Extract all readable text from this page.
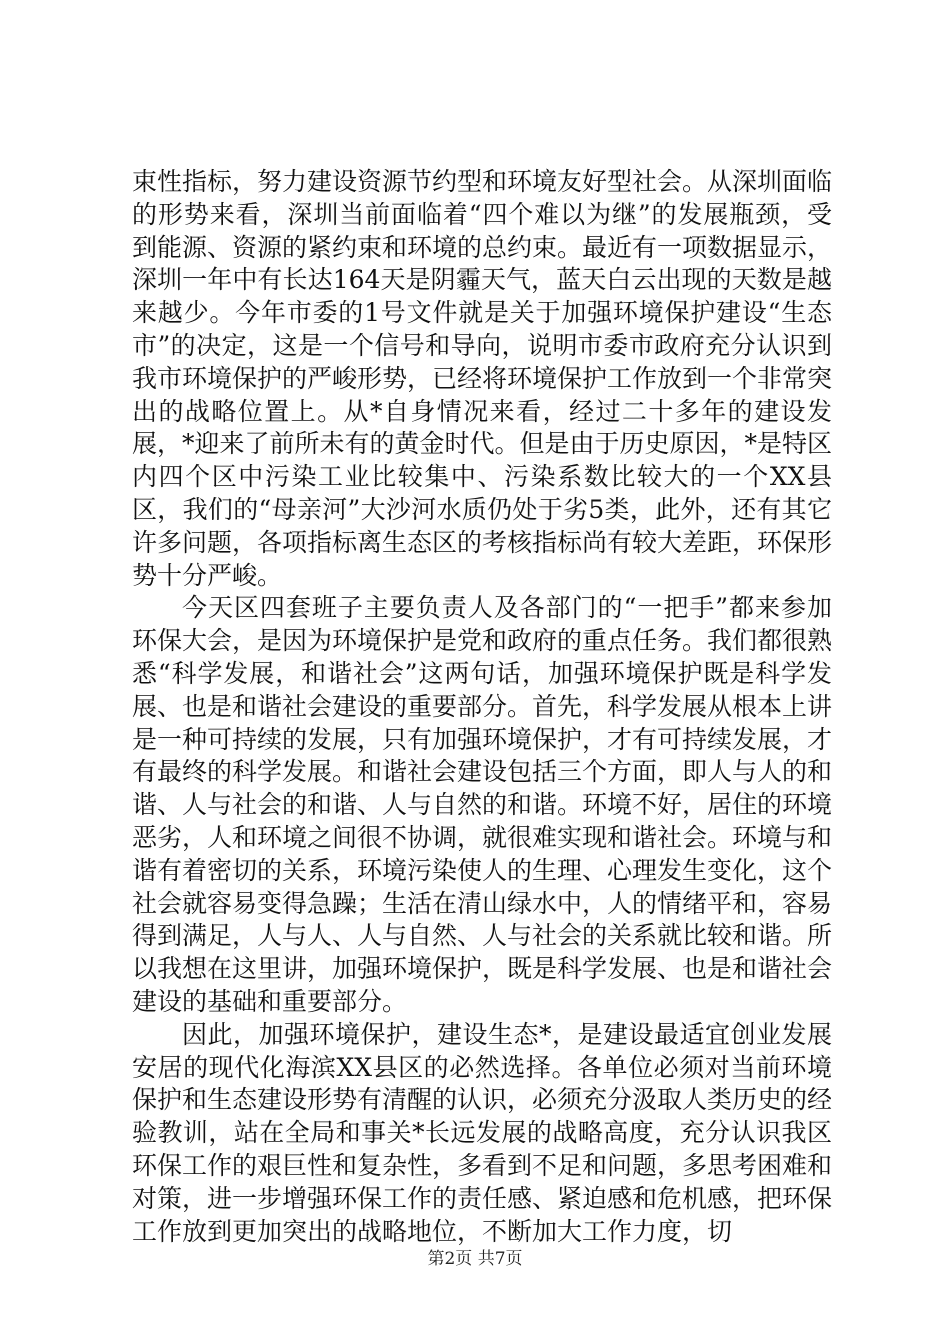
束性指标，努力建设资源节约型和环境友好型社会。从深圳面临的形势来看，深圳当前面临着“四个难以为继”的发展瓶颈，受到能源、资源的紧约束和环境的总约束。最近有一项数据显示，深圳一年中有长达164天是阴霾天气，蓝天白云出现的天数是越来越少。今年市委的1号文件就是关于加强环境保护建设“生态市”的决定，这是一个信号和导向，说明市委市政府充分认识到我市环境保护的严峻形势，已经将环境保护工作放到一个非常突出的战略位置上。从*自身情况来看，经过二十多年的建设发展，*迎来了前所未有的黄金时代。但是由于历史原因，*是特区内四个区中污染工业比较集中、污染系数比较大的一个XX县区，我们的“母亲河”大沙河水质仍处于劣5类，此外，还有其它许多问题，各项指标离生态区的考核指标尚有较大差距，环保形势十分严峻。

今天区四套班子主要负责人及各部门的“一把手”都来参加环保大会，是因为环境保护是党和政府的重点任务。我们都很熟悉“科学发展，和谐社会”这两句话，加强环境保护既是科学发展、也是和谐社会建设的重要部分。首先，科学发展从根本上讲是一种可持续的发展，只有加强环境保护，才有可持续发展，才有最终的科学发展。和谐社会建设包括三个方面，即人与人的和谐、人与社会的和谐、人与自然的和谐。环境不好，居住的环境恶劣，人和环境之间很不协调，就很难实现和谐社会。环境与和谐有着密切的关系，环境污染使人的生理、心理发生变化，这个社会就容易变得急躁；生活在清山绿水中，人的情绪平和，容易得到满足，人与人、人与自然、人与社会的关系就比较和谐。所以我想在这里讲，加强环境保护，既是科学发展、也是和谐社会建设的基础和重要部分。

因此，加强环境保护，建设生态*，是建设最适宜创业发展安居的现代化海滨XX县区的必然选择。各单位必须对当前环境保护和生态建设形势有清醒的认识，必须充分汲取人类历史的经验教训，站在全局和事关*长远发展的战略高度，充分认识我区环保工作的艰巨性和复杂性，多看到不足和问题，多思考困难和对策，进一步增强环保工作的责任感、紧迫感和危机感，把环保工作放到更加突出的战略地位，不断加大工作力度，切

第2页 共7页
